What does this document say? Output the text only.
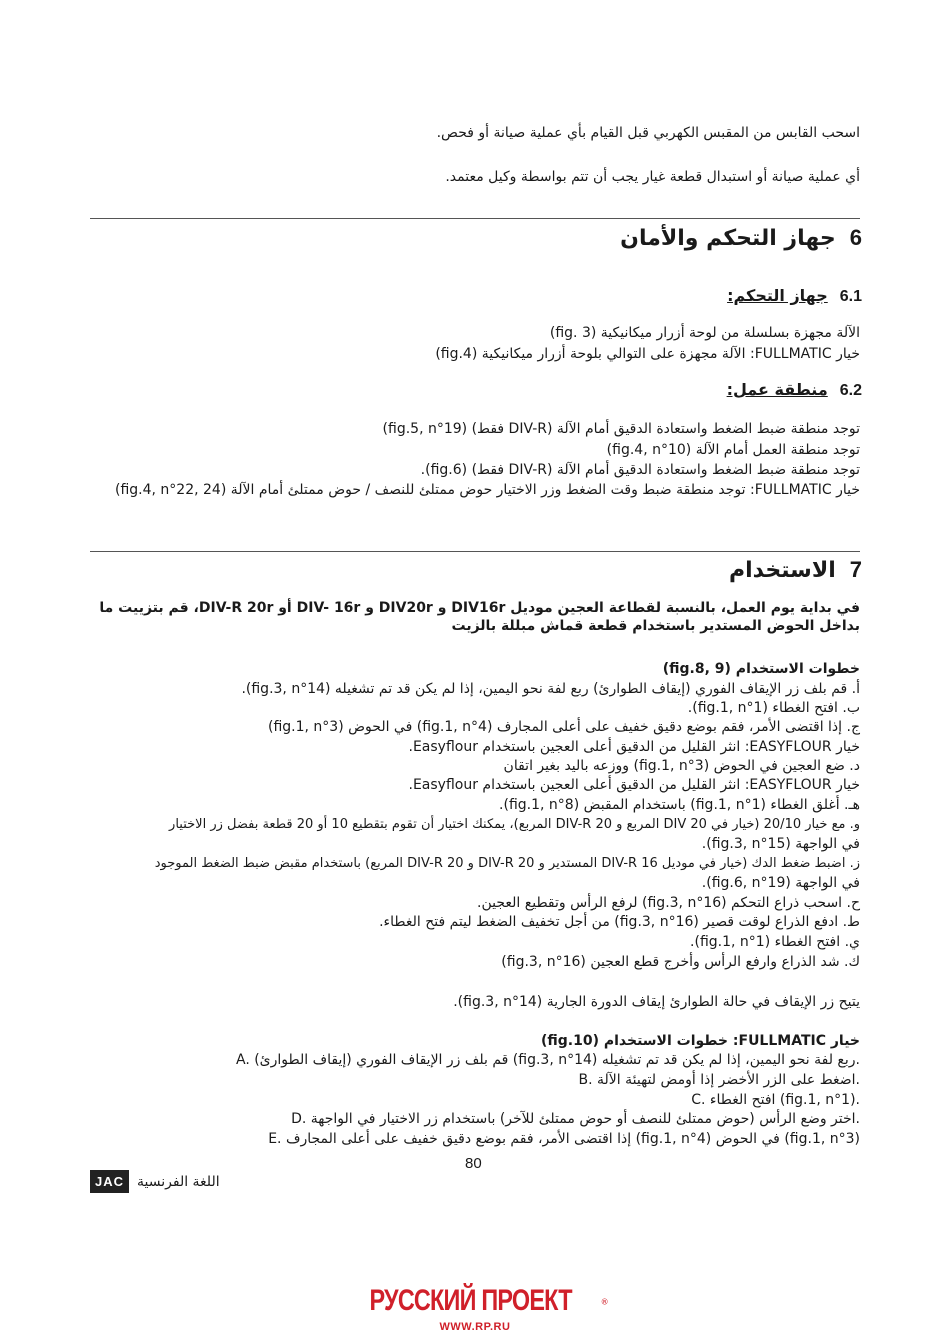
اسحب القابس من المقبس الكهربي قبل القيام بأي عملية صيانة أو فحص.
أي عملية صيانة أو استبدال قطعة غيار يجب أن تتم بواسطة وكيل معتمد.
6جهاز التحكم والأمان
6.1جهاز التحكم:
الآلة مجهزة بسلسلة من لوحة أزرار ميكانيكية (fig. 3)
خيار FULLMATIC: الآلة مجهزة على التوالي بلوحة أزرار ميكانيكية (fig.4)
6.2منطقة عمل:
توجد منطقة ضبط الضغط واستعادة الدقيق أمام الآلة (DIV-R فقط) (fig.5, n°19)
توجد منطقة العمل أمام الآلة (fig.4, n°10)
توجد منطقة ضبط الضغط واستعادة الدقيق أمام الآلة (DIV-R فقط) (fig.6).
خيار FULLMATIC: توجد منطقة ضبط وقت الضغط وزر الاختيار حوض ممتلئ للنصف / حوض ممتلئ أمام الآلة (fig.4, n°22, 24)
7الاستخدام
في بداية يوم العمل، بالنسبة لقطاعة العجين موديل DIV16r و DIV20r و DIV- 16r أو DIV-R 20r، قم بتزييت ما بداخل الحوض المستدير باستخدام قطعة قماش مبللة بالزيت
خطوات الاستخدام (fig.8, 9)
أ. قم بلف زر الإيقاف الفوري (إيقاف الطوارئ) ربع لفة نحو اليمين، إذا لم يكن قد تم تشغيله (fig.3, n°14).
ب. افتح الغطاء (fig.1, n°1).
ج. إذا اقتضى الأمر، فقم بوضع دقيق خفيف على أعلى المجارف (fig.1, n°4) في الحوض (fig.1, n°3)
خيار EASYFLOUR: انثر القليل من الدقيق أعلى العجين باستخدام Easyflour.
د. ضع العجين في الحوض (fig.1, n°3) ووزعه باليد بغير اتقان
خيار EASYFLOUR: انثر القليل من الدقيق أعلى العجين باستخدام Easyflour.
هـ. أغلق الغطاء (fig.1, n°1) باستخدام المقبض (fig.1, n°8).
و. مع خيار 20/10 (خيار في DIV 20 المربع و DIV-R 20 المربع)، يمكنك اختيار أن تقوم بتقطيع 10 أو 20 قطعة بفضل زر الاختيار
في الواجهة (fig.3, n°15).
ز. اضبط ضغط الدك (خيار في موديل DIV-R 16 المستدير و DIV-R 20 و DIV-R 20 المربع) باستخدام مقبض ضبط الضغط الموجود
في الواجهة (fig.6, n°19).
ح. اسحب ذراع التحكم (fig.3, n°16) لرفع الرأس وتقطيع العجين.
ط. ادفع الذراع لوقت قصير (fig.3, n°16) من أجل تخفيف الضغط ليتم فتح الغطاء.
ي. افتح الغطاء (fig.1, n°1).
ك. شد الذراع وارفع الرأس وأخرج قطع العجين (fig.3, n°16)
يتيح زر الإيقاف في حالة الطوارئ إيقاف الدورة الجارية (fig.3, n°14).
خيار FULLMATIC: خطوات الاستخدام (fig.10)
A. قم بلف زر الإيقاف الفوري (إيقاف الطوارئ) (fig.3, n°14) ربع لفة نحو اليمين، إذا لم يكن قد تم تشغيله.
B. اضغط على الزر الأخضر إذا أومض لتهيئة الآلة.
C. افتح الغطاء (fig.1, n°1).
D. اختر وضع الرأس (حوض ممتلئ للنصف أو حوض ممتلئ للآخر) باستخدام زر الاختيار في الواجهة.
E. إذا اقتضى الأمر، فقم بوضع دقيق خفيف على أعلى المجارف (fig.1, n°4) في الحوض (fig.1, n°3)
80
JAC اللغة الفرنسية
РУССКИЙ ПРОЕКТ	®
WWW.RP.RU
